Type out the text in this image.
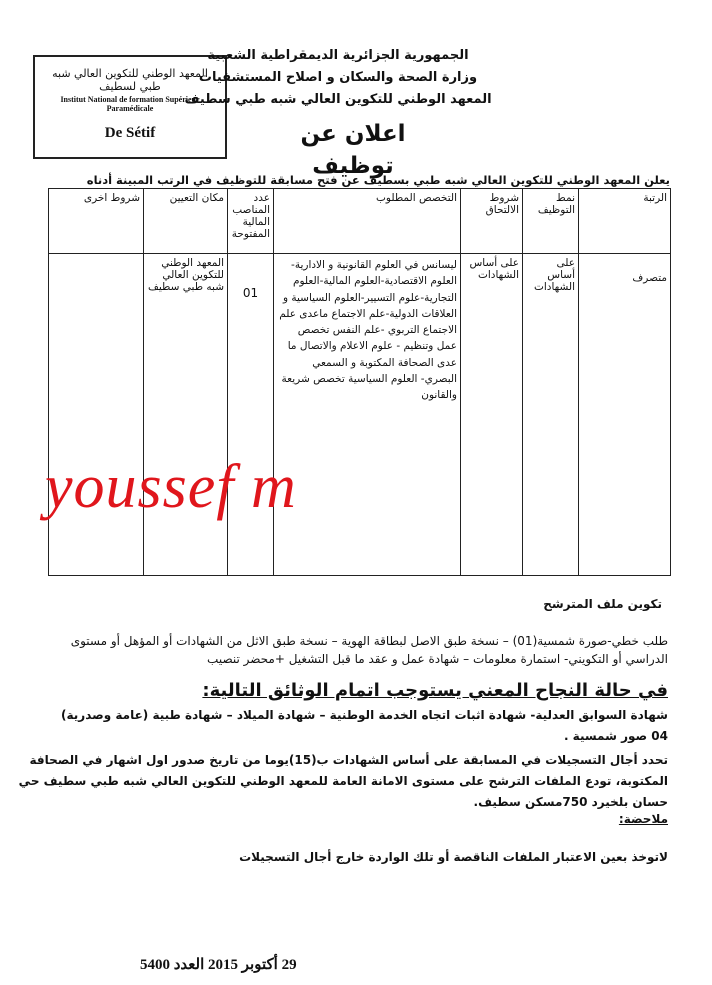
المعهد الوطني للتكوين العالي شبه طبي لسطيف
Institut National de formation Supérieur Paramédicale
De Sétif
الجمهورية الجزائرية الديمقراطية الشعبية
وزارة الصحة والسكان و اصلاح المستشفيات
المعهد الوطني للتكوين العالي شبه طبي سطيف
اعلان عن توظيف
يعلن المعهد الوطني للتكوين العالي شبه طبي بسطيف عن فتح مسابقة للتوظيف في الرتب المبينة أدناه
الرتبة	نمط التوظيف	شروط الالتحاق	التخصص المطلوب	عدد المناصب المالية المفتوحة	مكان التعيين	شروط اخرى
متصرف	على أساس الشهادات	على أساس الشهادات	ليسانس في العلوم القانونية و الادارية-العلوم الاقتصادية-العلوم المالية-العلوم التجارية-علوم التسيير-العلوم السياسية و العلاقات الدولية-علم الاجتماع ماعدى علم الاجتماع التربوي -علم النفس تخصص عمل وتنظيم - علوم الاعلام والاتصال ما عدى الصحافة المكتوبة و السمعي البصري- العلوم السياسية تخصص شريعة والقانون	01	المعهد الوطني للتكوين العالي شبه طبي سطيف	
youssef m
تكوين ملف المترشح
طلب خطي-صورة شمسية(01) – نسخة طبق الاصل لبطاقة الهوية – نسخة طبق الاثل من الشهادات أو المؤهل أو مستوى الدراسي أو التكويني- استمارة معلومات – شهادة عمل و عقد ما قبل التشغيل +محضر تنصيب
في حالة النجاح المعني يستوجب اتمام الوثائق التالية:
شهادة السوابق العدلية- شهادة اثبات اتجاه الخدمة الوطنية – شهادة الميلاد – شهادة طبية (عامة وصدرية)
04 صور شمسية .
تحدد أجال التسجيلات في المسابقة على أساس الشهادات ب(15)يوما من تاريخ صدور اول اشهار في الصحافة المكتوبة، تودع الملفات الترشح على مستوى الامانة العامة للمعهد الوطني للتكوين العالي شبه طبي سطيف حي حسان بلخيرد 750مسكن سطيف.
ملاحضة:
لاتوخذ بعين الاعتبار الملفات الناقصة أو تلك الواردة خارج أجال التسجيلات
29 أكتوبر 2015 العدد 5400
